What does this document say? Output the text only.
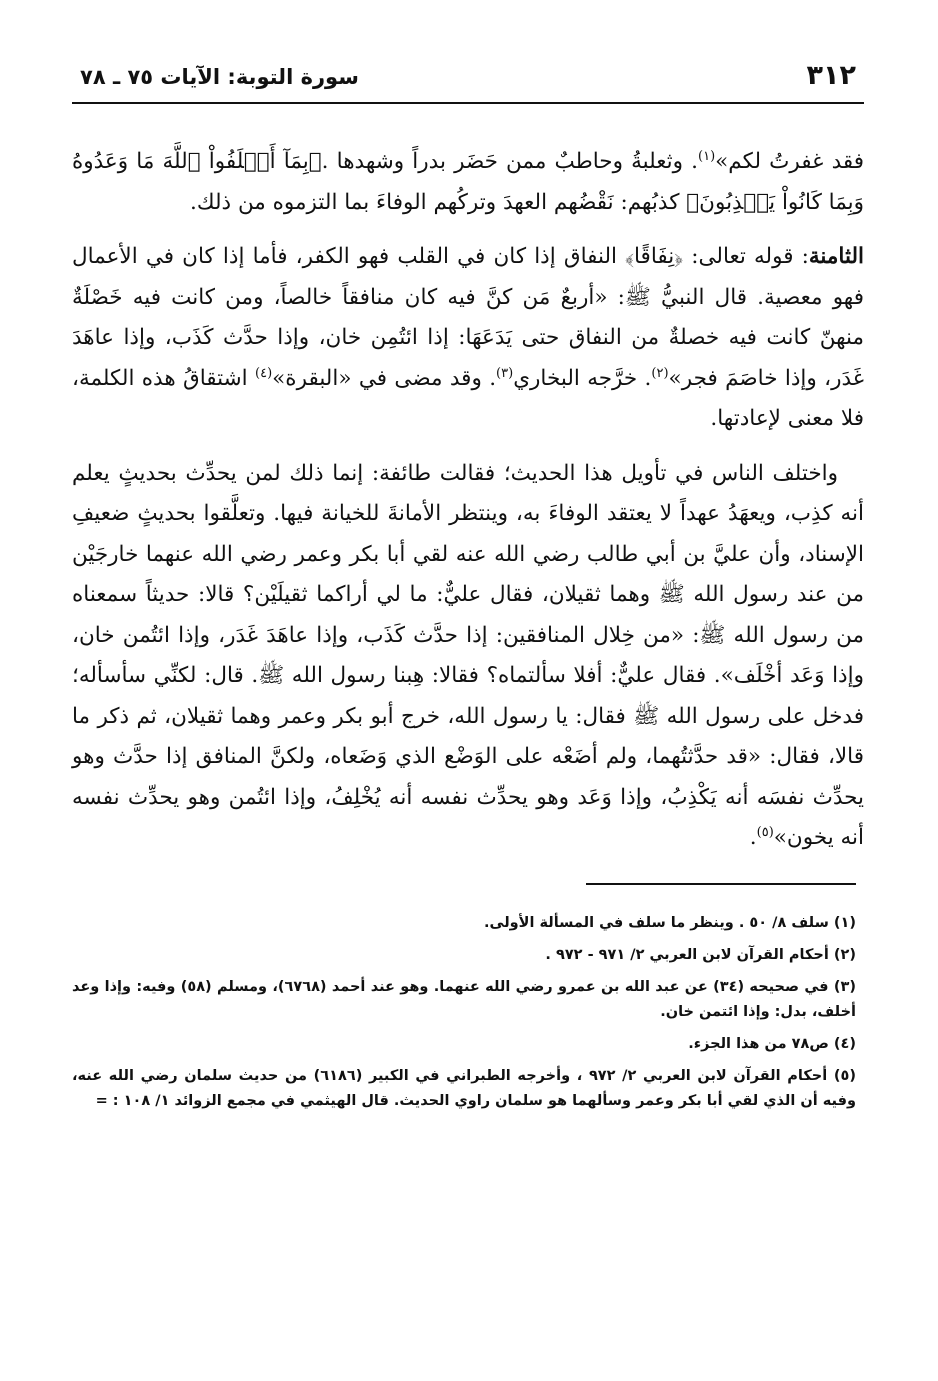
٣١٢
سورة التوبة: الآيات ٧٥ ـ ٧٨

فقد غفرتُ لكم»$^{(١)}$. وثعلبةُ وحاطبٌ ممن حَضَر بدراً وشهدها .﴿بِمَآ أَخۡلَفُواْ ٱللَّهَ مَا وَعَدُوهُ وَبِمَا كَانُواْ يَكۡذِبُونَ﴾ كذبُهم: نَقْضُهم العهدَ وتركُهم الوفاءَ بما التزموه من ذلك.

الثامنة: قوله تعالى: ﴿نِفَاقًا﴾ النفاق إذا كان في القلب فهو الكفر، فأما إذا كان في الأعمال فهو معصية. قال النبيُّ ﷺ: «أربعٌ مَن كنَّ فيه كان منافقاً خالصاً، ومن كانت فيه خَصْلَةٌ منهنّ كانت فيه خصلةٌ من النفاق حتى يَدَعَهَا: إذا ائتُمِن خان، وإذا حدَّث كَذَب، وإذا عاهَدَ غَدَر، وإذا خاصَمَ فجر»$^{(٢)}$. خرَّجه البخاري$^{(٣)}$. وقد مضى في «البقرة»$^{(٤)}$ اشتقاقُ هذه الكلمة، فلا معنى لإعادتها.

واختلف الناس في تأويل هذا الحديث؛ فقالت طائفة: إنما ذلك لمن يحدِّث بحديثٍ يعلم أنه كذِب، ويعهَدُ عهداً لا يعتقد الوفاءَ به، وينتظر الأمانةَ للخيانة فيها. وتعلَّقوا بحديثٍ ضعيفِ الإسناد، وأن عليَّ بن أبي طالب رضي الله عنه لقي أبا بكر وعمر رضي الله عنهما خارجَيْن من عند رسول الله ﷺ وهما ثقيلان، فقال عليٌّ: ما لي أراكما ثقيلَيْن؟ قالا: حديثاً سمعناه من رسول الله ﷺ: «من خِلال المنافقين: إذا حدَّث كَذَب، وإذا عاهَدَ غَدَر، وإذا ائتُمن خان، وإذا وَعَد أخْلَف». فقال عليٌّ: أفلا سألتماه؟ فقالا: هِبنا رسول الله ﷺ. قال: لكنِّي سأسأله؛ فدخل على رسول الله ﷺ فقال: يا رسول الله، خرج أبو بكر وعمر وهما ثقيلان، ثم ذكر ما قالا، فقال: «قد حدَّثتُهما، ولم أضَعْه على الوَضْع الذي وَضَعاه، ولكنَّ المنافق إذا حدَّث وهو يحدِّث نفسَه أنه يَكْذِبُ، وإذا وَعَد وهو يحدِّث نفسه أنه يُخْلِفُ، وإذا ائتُمن وهو يحدِّث نفسه أنه يخون»$^{(٥)}$.

(١) سلف ٨/ ٥٠ . وينظر ما سلف في المسألة الأولى.

(٢) أحكام القرآن لابن العربي ٢/ ٩٧١ - ٩٧٢ .

(٣) في صحيحه (٣٤) عن عبد الله بن عمرو رضي الله عنهما. وهو عند أحمد (٦٧٦٨)، ومسلم (٥٨) وفيه: وإذا وعد أخلف، بدل: وإذا ائتمن خان.

(٤) ص٧٨ من هذا الجزء.

(٥) أحكام القرآن لابن العربي ٢/ ٩٧٢ ، وأخرجه الطبراني في الكبير (٦١٨٦) من حديث سلمان رضي الله عنه، وفيه أن الذي لقي أبا بكر وعمر وسألهما هو سلمان راوي الحديث. قال الهيثمي في مجمع الزوائد ١/ ١٠٨ : =
